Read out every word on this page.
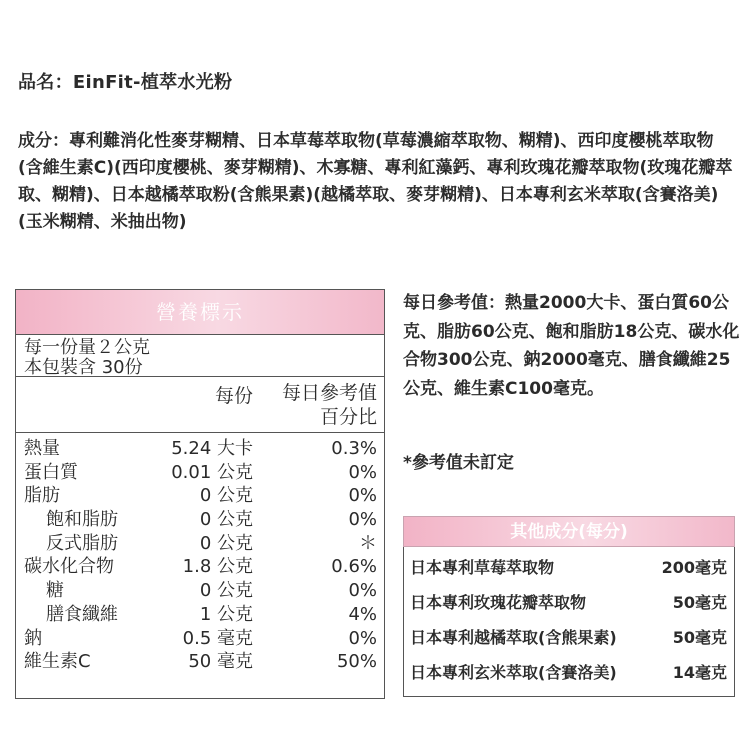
品名：EinFit-植萃水光粉
成分：專利難消化性麥芽糊精、日本草莓萃取物(草莓濃縮萃取物、糊精)、西印度櫻桃萃取物(含維生素C)(西印度櫻桃、麥芽糊精)、木寡糖、專利紅藻鈣、專利玫瑰花瓣萃取物(玫瑰花瓣萃取、糊精)、日本越橘萃取粉(含熊果素)(越橘萃取、麥芽糊精)、日本專利玄米萃取(含賽洛美)(玉米糊精、米抽出物)
營養標示
每一份量２公克
本包裝含 30份
每份 每日參考值
百分比
熱量	5.24 大卡	0.3%
蛋白質	0.01 公克	0%
脂肪	0 公克	0%
飽和脂肪	0 公克	0%
反式脂肪	0 公克	＊
碳水化合物	1.8 公克	0.6%
糖	0 公克	0%
膳食纖維	1 公克	4%
鈉	0.5 毫克	0%
維生素C	50 毫克	50%
每日參考值：熱量2000大卡、蛋白質60公克、脂肪60公克、飽和脂肪18公克、碳水化合物300公克、鈉2000毫克、膳食纖維25公克、維生素C100毫克。
*參考值未訂定
其他成分(每分)
日本專利草莓萃取物	200毫克
日本專利玫瑰花瓣萃取物	50毫克
日本專利越橘萃取(含熊果素)	50毫克
日本專利玄米萃取(含賽洛美)	14毫克
